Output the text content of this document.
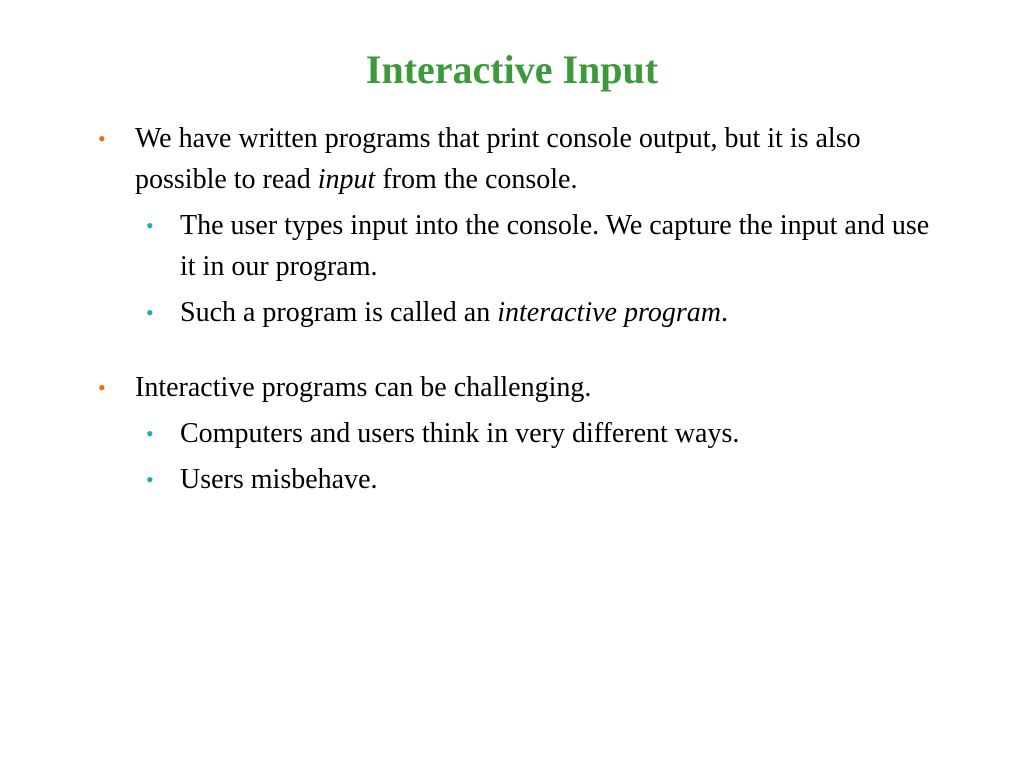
Interactive Input
• We have written programs that print console output, but it is also possible to read input from the console.
• The user types input into the console. We capture the input and use it in our program.
• Such a program is called an interactive program.
• Interactive programs can be challenging.
• Computers and users think in very different ways.
• Users misbehave.
